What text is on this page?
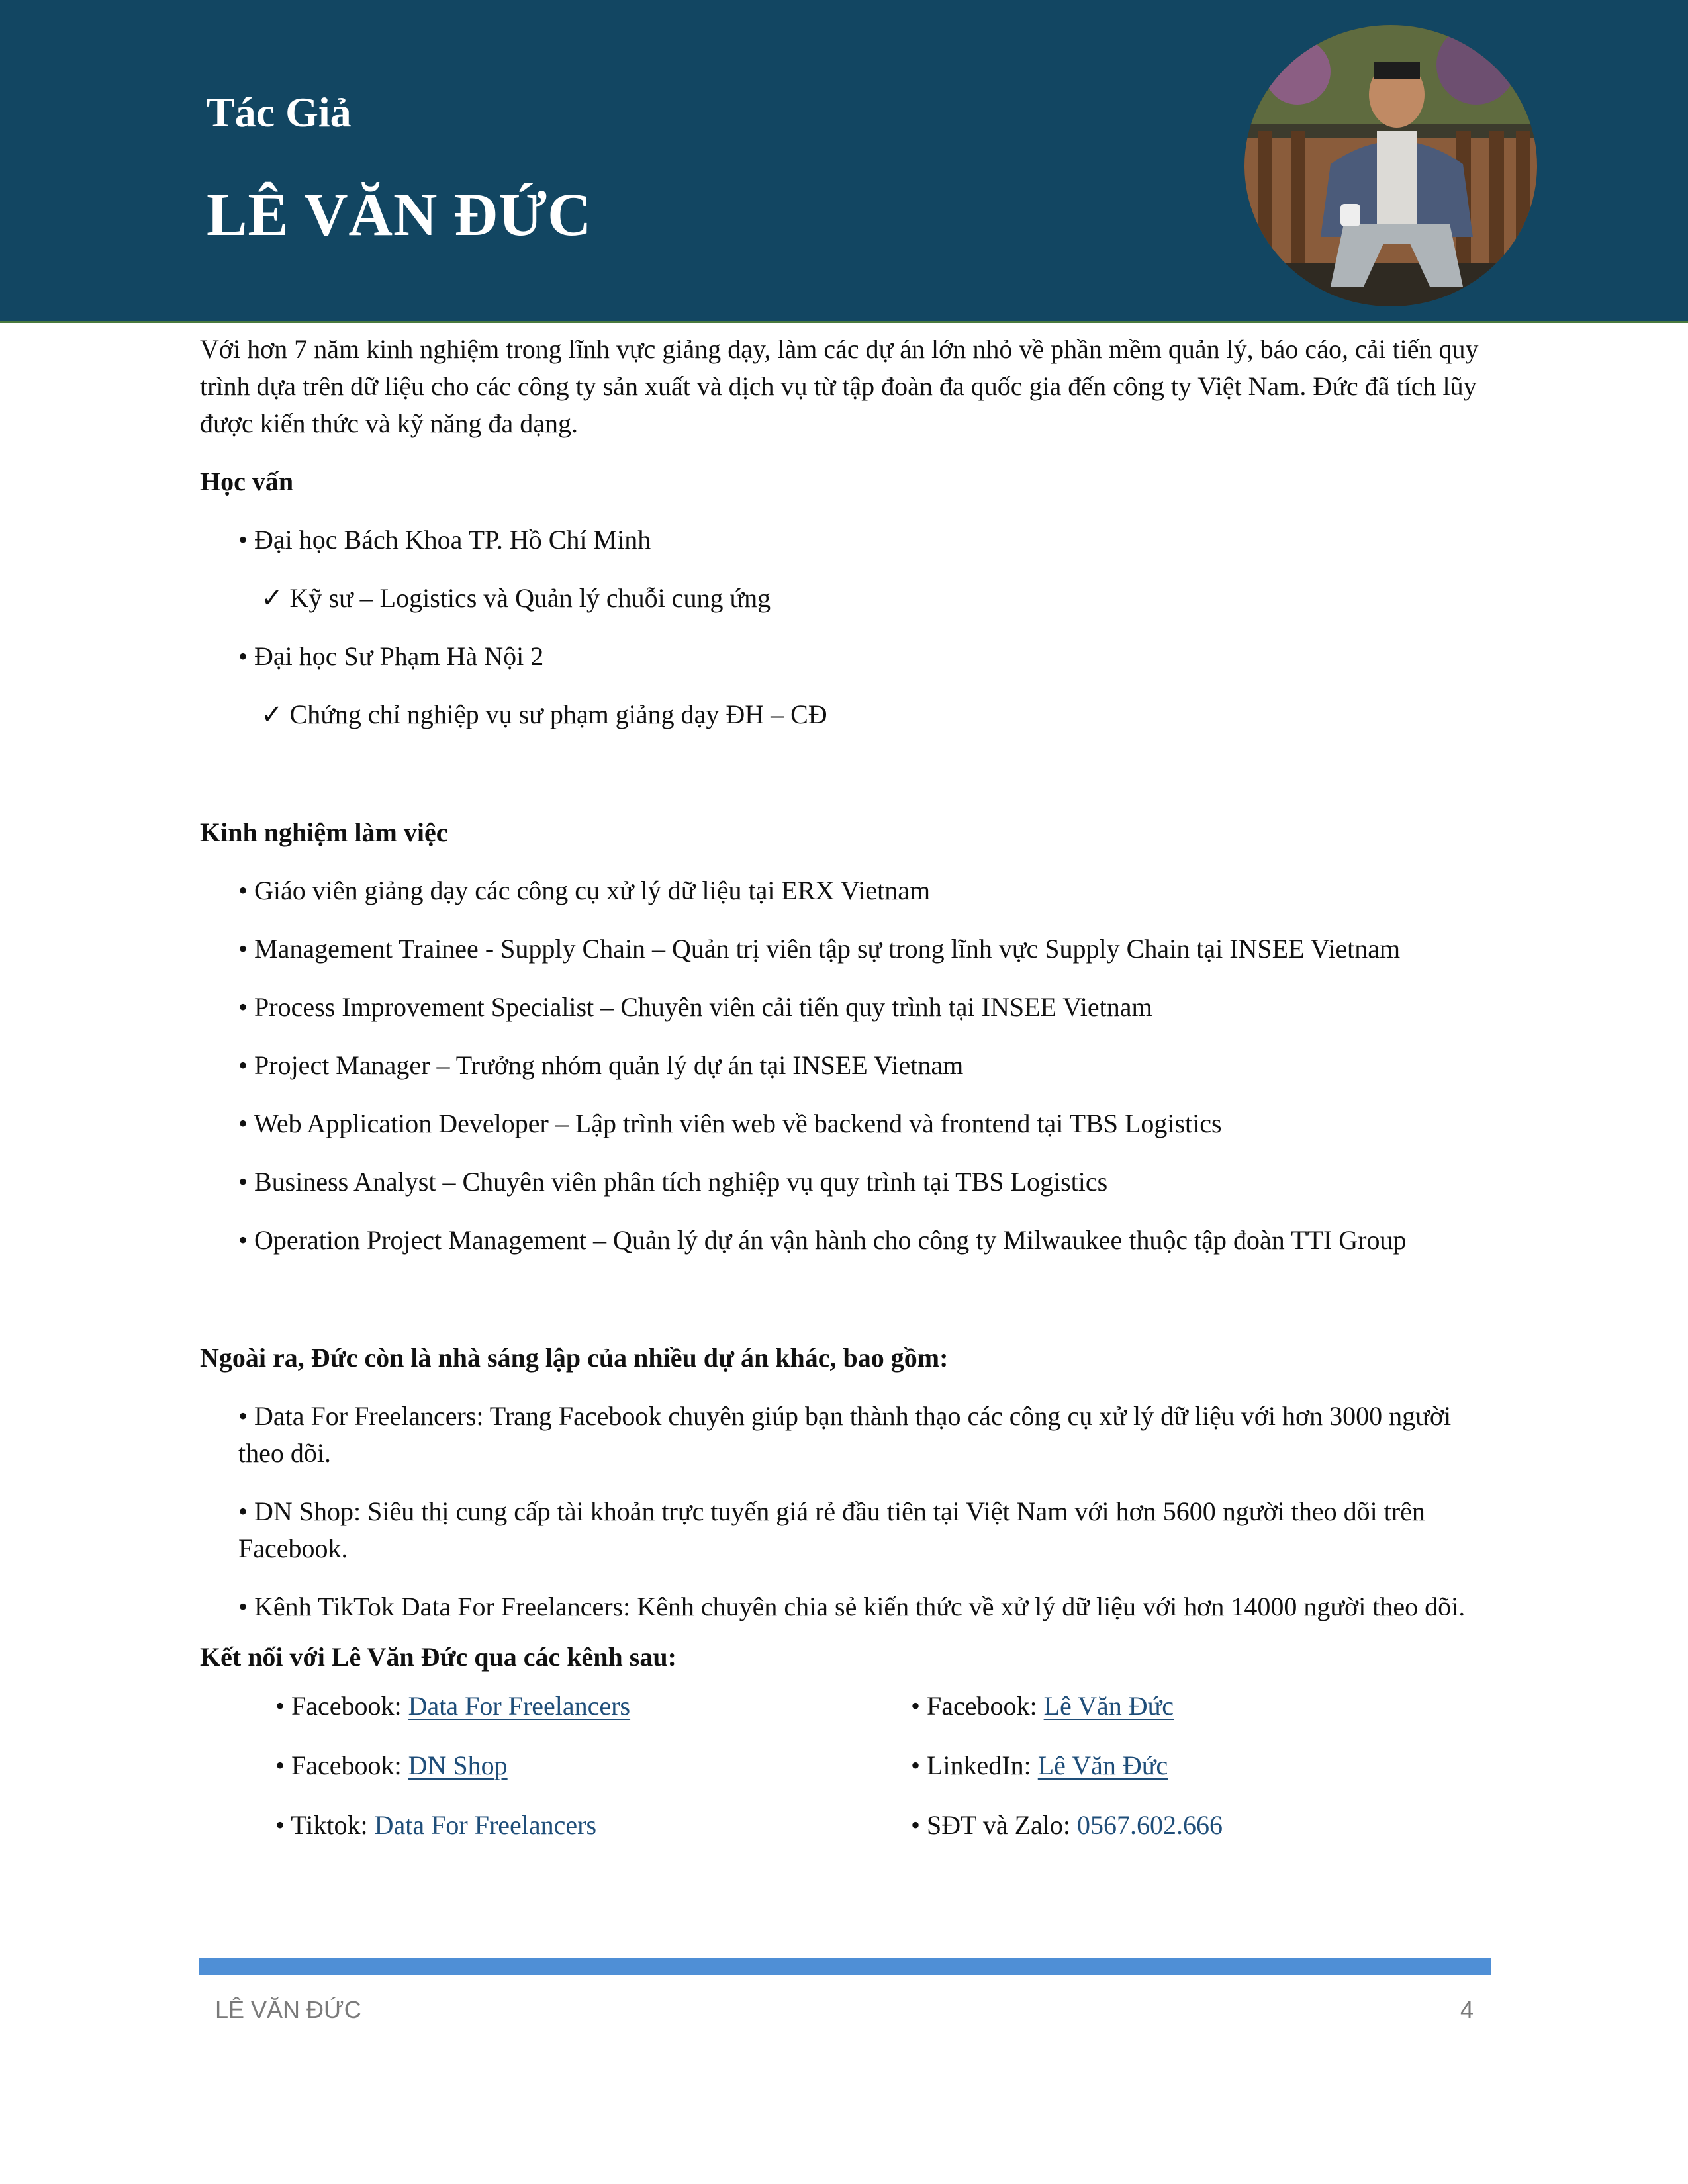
Tác Giả
LÊ VĂN ĐỨC

Với hơn 7 năm kinh nghiệm trong lĩnh vực giảng dạy, làm các dự án lớn nhỏ về phần mềm quản lý, báo cáo, cải tiến quy trình dựa trên dữ liệu cho các công ty sản xuất và dịch vụ từ tập đoàn đa quốc gia đến công ty Việt Nam. Đức đã tích lũy được kiến thức và kỹ năng đa dạng.

Học vấn
• Đại học Bách Khoa TP. Hồ Chí Minh
✓ Kỹ sư – Logistics và Quản lý chuỗi cung ứng
• Đại học Sư Phạm Hà Nội 2
✓ Chứng chỉ nghiệp vụ sư phạm giảng dạy ĐH – CĐ
Kinh nghiệm làm việc
• Giáo viên giảng dạy các công cụ xử lý dữ liệu tại ERX Vietnam
• Management Trainee - Supply Chain – Quản trị viên tập sự trong lĩnh vực Supply Chain tại INSEE Vietnam
• Process Improvement Specialist – Chuyên viên cải tiến quy trình tại INSEE Vietnam
• Project Manager – Trưởng nhóm quản lý dự án tại INSEE Vietnam
• Web Application Developer – Lập trình viên web về backend và frontend tại TBS Logistics
• Business Analyst – Chuyên viên phân tích nghiệp vụ quy trình tại TBS Logistics
• Operation Project Management – Quản lý dự án vận hành cho công ty Milwaukee thuộc tập đoàn TTI Group
Ngoài ra, Đức còn là nhà sáng lập của nhiều dự án khác, bao gồm:
• Data For Freelancers: Trang Facebook chuyên giúp bạn thành thạo các công cụ xử lý dữ liệu với hơn 3000 người theo dõi.
• DN Shop: Siêu thị cung cấp tài khoản trực tuyến giá rẻ đầu tiên tại Việt Nam với hơn 5600 người theo dõi trên Facebook.
• Kênh TikTok Data For Freelancers: Kênh chuyên chia sẻ kiến thức về xử lý dữ liệu với hơn 14000 người theo dõi.
Kết nối với Lê Văn Đức qua các kênh sau:
• Facebook: Data For Freelancers
• Facebook: DN Shop
• Tiktok: Data For Freelancers
• Facebook: Lê Văn Đức
• LinkedIn: Lê Văn Đức
• SĐT và Zalo: 0567.602.666
LÊ VĂN ĐỨC	4
